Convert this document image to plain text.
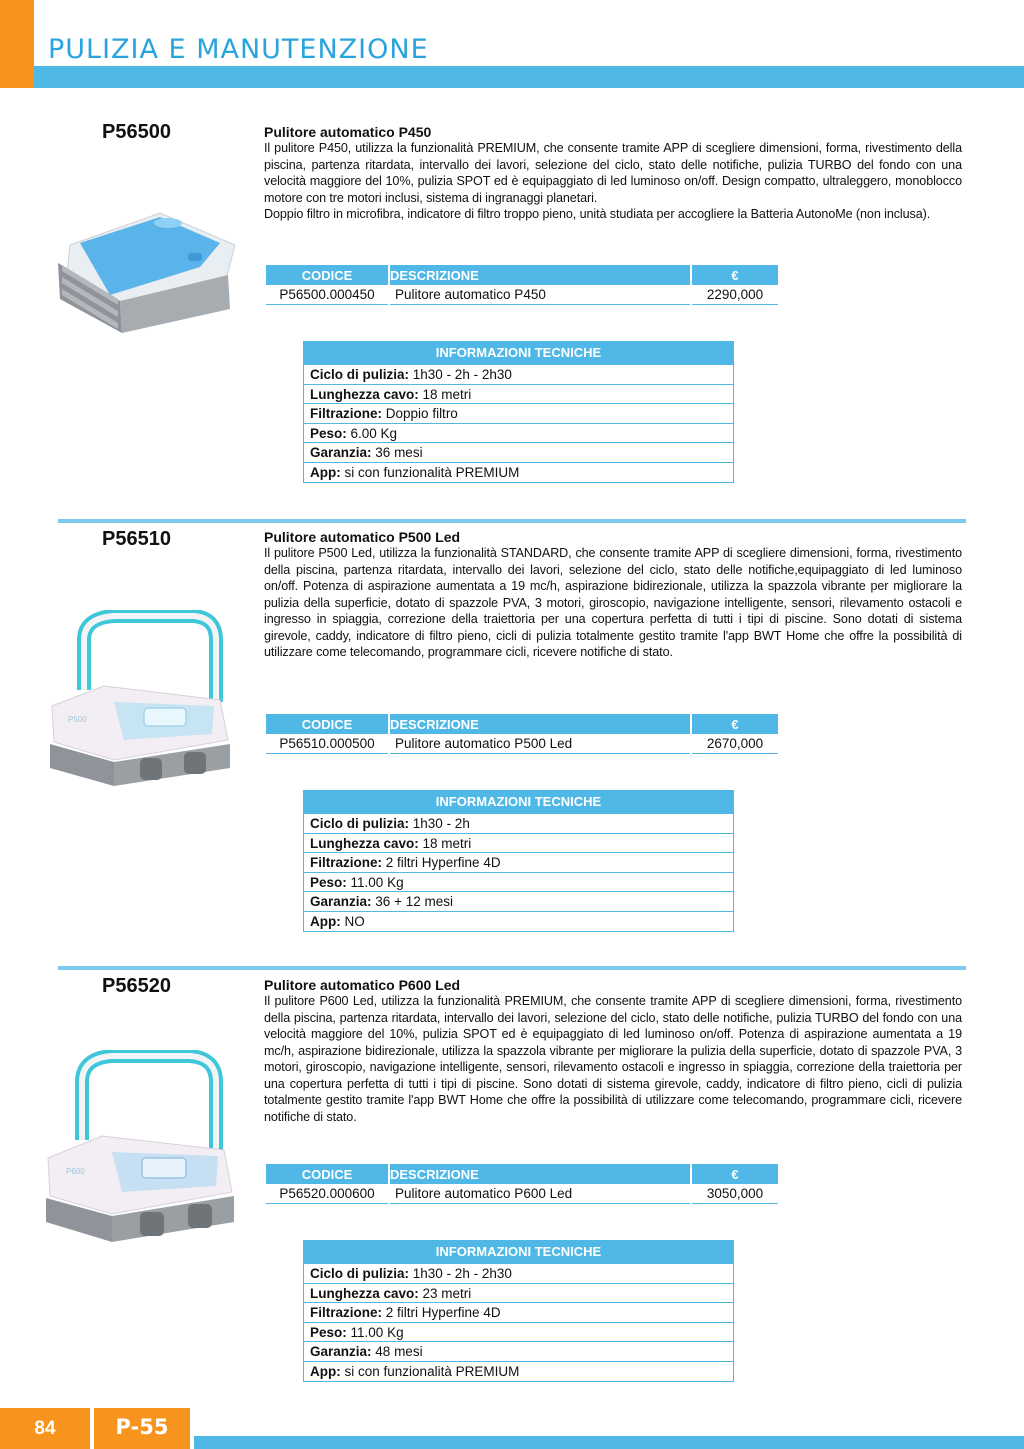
PULIZIA E MANUTENZIONE
P56500	Pulitore automatico P450

Il pulitore P450, utilizza la funzionalità PREMIUM, che consente tramite APP di scegliere dimensioni, forma, rivestimento della piscina, partenza ritardata, intervallo dei lavori, selezione del ciclo, stato delle notifiche, pulizia TURBO del fondo con una velocità maggiore del 10%, pulizia SPOT ed è equipaggiato di led luminoso on/off. Design compatto, ultraleggero, monoblocco motore con tre motori inclusi, sistema di ingranaggi planetari.

Doppio filtro in microfibra, indicatore di filtro troppo pieno, unità studiata per accogliere la Batteria AutonoMe (non inclusa).

CODICE	DESCRIZIONE	€
P56500.000450	Pulitore automatico P450	2290,000
INFORMAZIONI TECNICHE
Ciclo di pulizia: 1h30 - 2h - 2h30
Lunghezza cavo: 18 metri
Filtrazione: Doppio filtro
Peso: 6.00 Kg
Garanzia: 36 mesi
App: si con funzionalità PREMIUM
P56510	Pulitore automatico P500 Led

Il pulitore P500 Led, utilizza la funzionalità STANDARD, che consente tramite APP di scegliere dimensioni, forma, rivestimento della piscina, partenza ritardata, intervallo dei lavori, selezione del ciclo, stato delle notifiche,equipaggiato di led luminoso on/off. Potenza di aspirazione aumentata a 19 mc/h, aspirazione bidirezionale, utilizza la spazzola vibrante per migliorare la pulizia della superficie, dotato di spazzole PVA, 3 motori, giroscopio, navigazione intelligente, sensori, rilevamento ostacoli e ingresso in spiaggia, correzione della traiettoria per una copertura perfetta di tutti i tipi di piscine. Sono dotati di sistema girevole, caddy, indicatore di filtro pieno, cicli di pulizia totalmente gestito tramite l'app BWT Home che offre la possibilità di utilizzare come telecomando, programmare cicli, ricevere notifiche di stato.

P500	CODICE	DESCRIZIONE	€
P56510.000500	Pulitore automatico P500 Led	2670,000
INFORMAZIONI TECNICHE
Ciclo di pulizia: 1h30 - 2h
Lunghezza cavo: 18 metri
Filtrazione: 2 filtri Hyperfine 4D
Peso: 11.00 Kg
Garanzia: 36 + 12 mesi
App: NO
P56520	Pulitore automatico P600 Led

Il pulitore P600 Led, utilizza la funzionalità PREMIUM, che consente tramite APP di scegliere dimensioni, forma, rivestimento della piscina, partenza ritardata, intervallo dei lavori, selezione del ciclo, stato delle notifiche, pulizia TURBO del fondo con una velocità maggiore del 10%, pulizia SPOT ed è equipaggiato di led luminoso on/off. Potenza di aspirazione aumentata a 19 mc/h, aspirazione bidirezionale, utilizza la spazzola vibrante per migliorare la pulizia della superficie, dotato di spazzole PVA, 3 motori, giroscopio, navigazione intelligente, sensori, rilevamento ostacoli e ingresso in spiaggia, correzione della traiettoria per una copertura perfetta di tutti i tipi di piscine. Sono dotati di sistema girevole, caddy, indicatore di filtro pieno, cicli di pulizia totalmente gestito tramite l'app BWT Home che offre la possibilità di utilizzare come telecomando, programmare cicli, ricevere notifiche di stato.

P600	CODICE	DESCRIZIONE	€
P56520.000600	Pulitore automatico P600 Led	3050,000
INFORMAZIONI TECNICHE
Ciclo di pulizia: 1h30 - 2h - 2h30
Lunghezza cavo: 23 metri
Filtrazione: 2 filtri Hyperfine 4D
Peso: 11.00 Kg
Garanzia: 48 mesi
App: si con funzionalità PREMIUM
84	P-55
